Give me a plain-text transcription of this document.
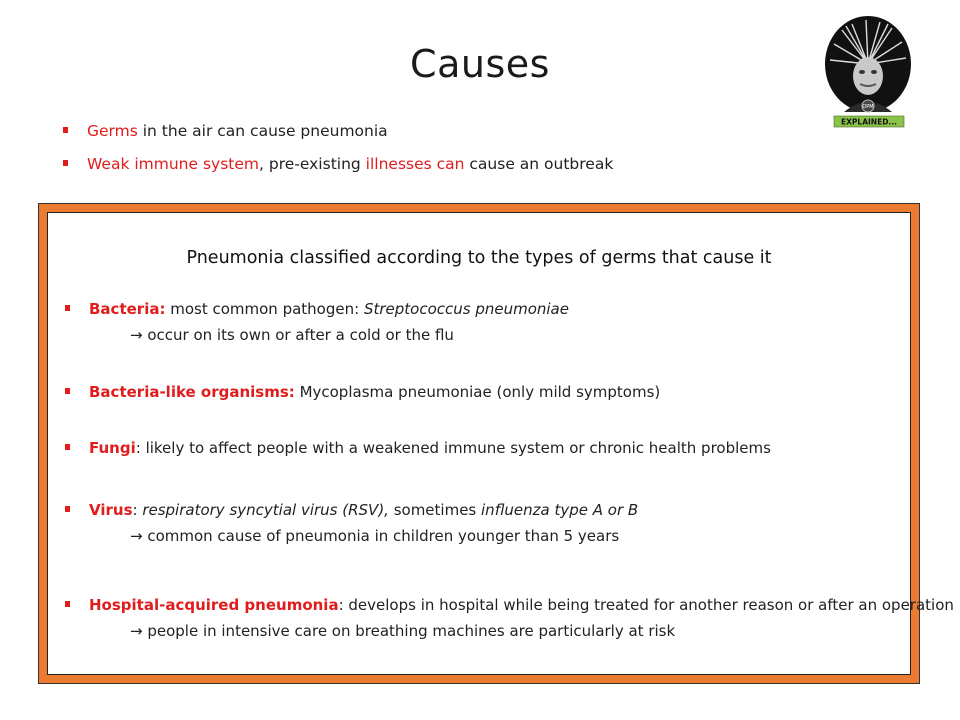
Causes
OPM
EXPLAINED...
Germs in the air can cause pneumonia
Weak immune system, pre-existing illnesses can cause an outbreak
Pneumonia classified according to the types of germs that cause it
Bacteria: most common pathogen: Streptococcus pneumoniae
→ occur on its own or after a cold or the flu
Bacteria-like organisms: Mycoplasma pneumoniae (only mild symptoms)
Fungi: likely to affect people with a weakened immune system or chronic health problems
Virus: respiratory syncytial virus (RSV), sometimes influenza type A or B
→ common cause of pneumonia in children younger than 5 years
Hospital-acquired pneumonia: develops in hospital while being treated for another reason or after an operation
→ people in intensive care on breathing machines are particularly at risk
